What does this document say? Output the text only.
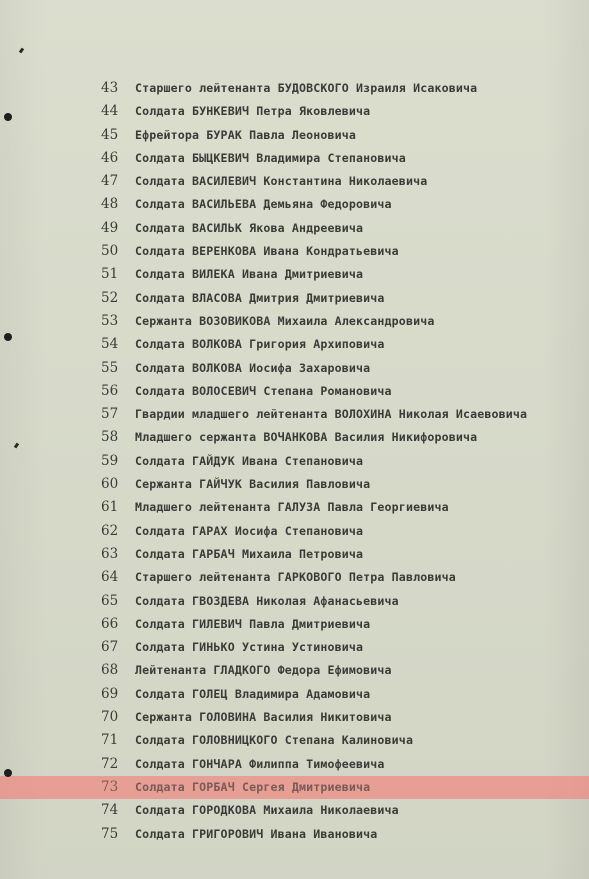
43	Старшего лейтенанта БУДОВСКОГО Израиля Исаковича
44	Солдата БУНКЕВИЧ Петра Яковлевича
45	Ефрейтора БУРАК Павла Леоновича
46	Солдата БЫЦКЕВИЧ Владимира Степановича
47	Солдата ВАСИЛЕВИЧ Константина Николаевича
48	Солдата ВАСИЛЬЕВА Демьяна Федоровича
49	Солдата ВАСИЛЬК Якова Андреевича
50	Солдата ВЕРЕНКОВА Ивана Кондратьевича
51	Солдата ВИЛЕКА Ивана Дмитриевича
52	Солдата ВЛАСОВА Дмитрия Дмитриевича
53	Сержанта ВОЗОВИКОВА Михаила Александровича
54	Солдата ВОЛКОВА Григория Архиповича
55	Солдата ВОЛКОВА Иосифа Захаровича
56	Солдата ВОЛОСЕВИЧ Степана Романовича
57	Гвардии младшего лейтенанта ВОЛОХИНА Николая Исаевовича
58	Младшего сержанта ВОЧАНКОВА Василия Никифоровича
59	Солдата ГАЙДУК Ивана Степановича
60	Сержанта ГАЙЧУК Василия Павловича
61	Младшего лейтенанта ГАЛУЗА Павла Георгиевича
62	Солдата ГАРАХ Иосифа Степановича
63	Солдата ГАРБАЧ Михаила Петровича
64	Старшего лейтенанта ГАРКОВОГО Петра Павловича
65	Солдата ГВОЗДЕВА Николая Афанасьевича
66	Солдата ГИЛЕВИЧ Павла Дмитриевича
67	Солдата ГИНЬКО Устина Устиновича
68	Лейтенанта ГЛАДКОГО Федора Ефимовича
69	Солдата ГОЛЕЦ Владимира Адамовича
70	Сержанта ГОЛОВИНА Василия Никитовича
71	Солдата ГОЛОВНИЦКОГО Степана Калиновича
72	Солдата ГОНЧАРА Филиппа Тимофеевича
73	Солдата ГОРБАЧ Сергея Дмитриевича
74	Солдата ГОРОДКОВА Михаила Николаевича
75	Солдата ГРИГОРОВИЧ Ивана Ивановича
